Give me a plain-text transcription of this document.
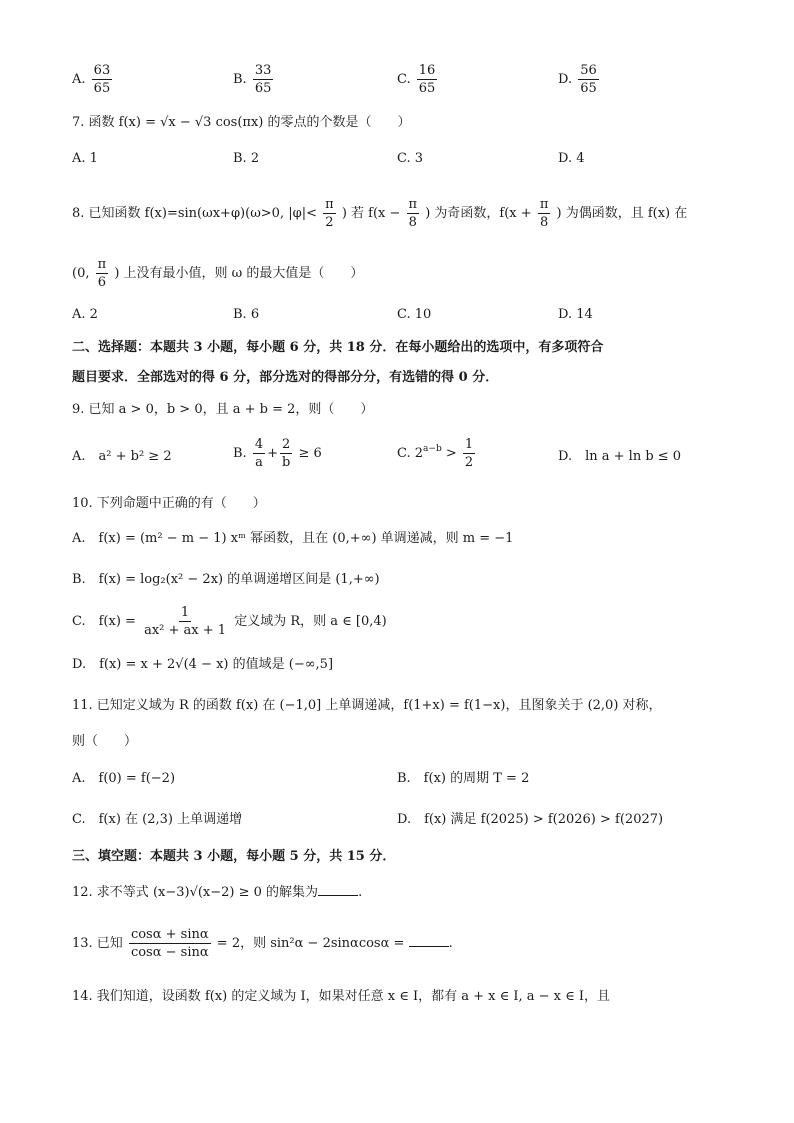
A. $\frac{63}{65}$	B. $\frac{33}{65}$	C. $\frac{16}{65}$	D. $\frac{56}{65}$
7. 函数 f(x) = √x − √3 cos(πx) 的零点的个数是（　　）
A. 1	B. 2	C. 3	D. 4
8. 已知函数 f(x)=sin(ωx+φ)(ω>0, $|\varphi|< \frac{\pi}{2}$ ) 若 $f(x - \frac{\pi}{8}$ ) 为奇函数，$f(x + \frac{\pi}{8}$ ) 为偶函数，且 f(x) 在
(0, $\frac{\pi}{6}$ ) 上没有最小值，则 ω 的最大值是（　　）
A. 2	B. 6	C. 10	D. 14
二、选择题：本题共 3 小题，每小题 6 分，共 18 分．在每小题给出的选项中，有多项符合
题目要求．全部选对的得 6 分，部分选对的得部分分，有选错的得 0 分．
9. 已知 a > 0，b > 0，且 a + b = 2，则（　　）
A.　a² + b² ≥ 2	B. $\frac{4}{a} + \frac{2}{b} \ge 6$	C. $2^{a-b} > \frac{1}{2}$	D.　ln a + ln b ≤ 0
10. 下列命题中正确的有（　　）
A.　f(x) = (m² − m − 1) xᵐ 幂函数，且在 (0,+∞) 单调递减，则 m = −1
B.　f(x) = log₂(x² − 2x) 的单调递增区间是 (1,+∞)
C.　$f(x) = \frac{1}{\text{ax² + ax + 1}}$ 定义域为 R，则 a ∈ [0,4)
D.　f(x) = x + 2√(4 − x) 的值域是 (−∞,5]
11. 已知定义域为 R 的函数 f(x) 在 (−1,0] 上单调递减，f(1+x) = f(1−x)，且图象关于 (2,0) 对称，
则（　　）
A.　f(0) = f(−2)	B.　f(x) 的周期 T = 2
C.　f(x) 在 (2,3) 上单调递增	D.　f(x) 满足 f(2025) > f(2026) > f(2027)
三、填空题：本题共 3 小题，每小题 5 分，共 15 分．
12. 求不等式 (x−3)√(x−2) ≥ 0 的解集为	.
13. 已知 $\frac{\cos\alpha + \sin\alpha}{\cos\alpha - \sin\alpha} = 2$，则 sin²α − 2sinαcosα =	.
14. 我们知道，设函数 f(x) 的定义域为 I，如果对任意 x ∈ I，都有 a + x ∈ I, a − x ∈ I，且
